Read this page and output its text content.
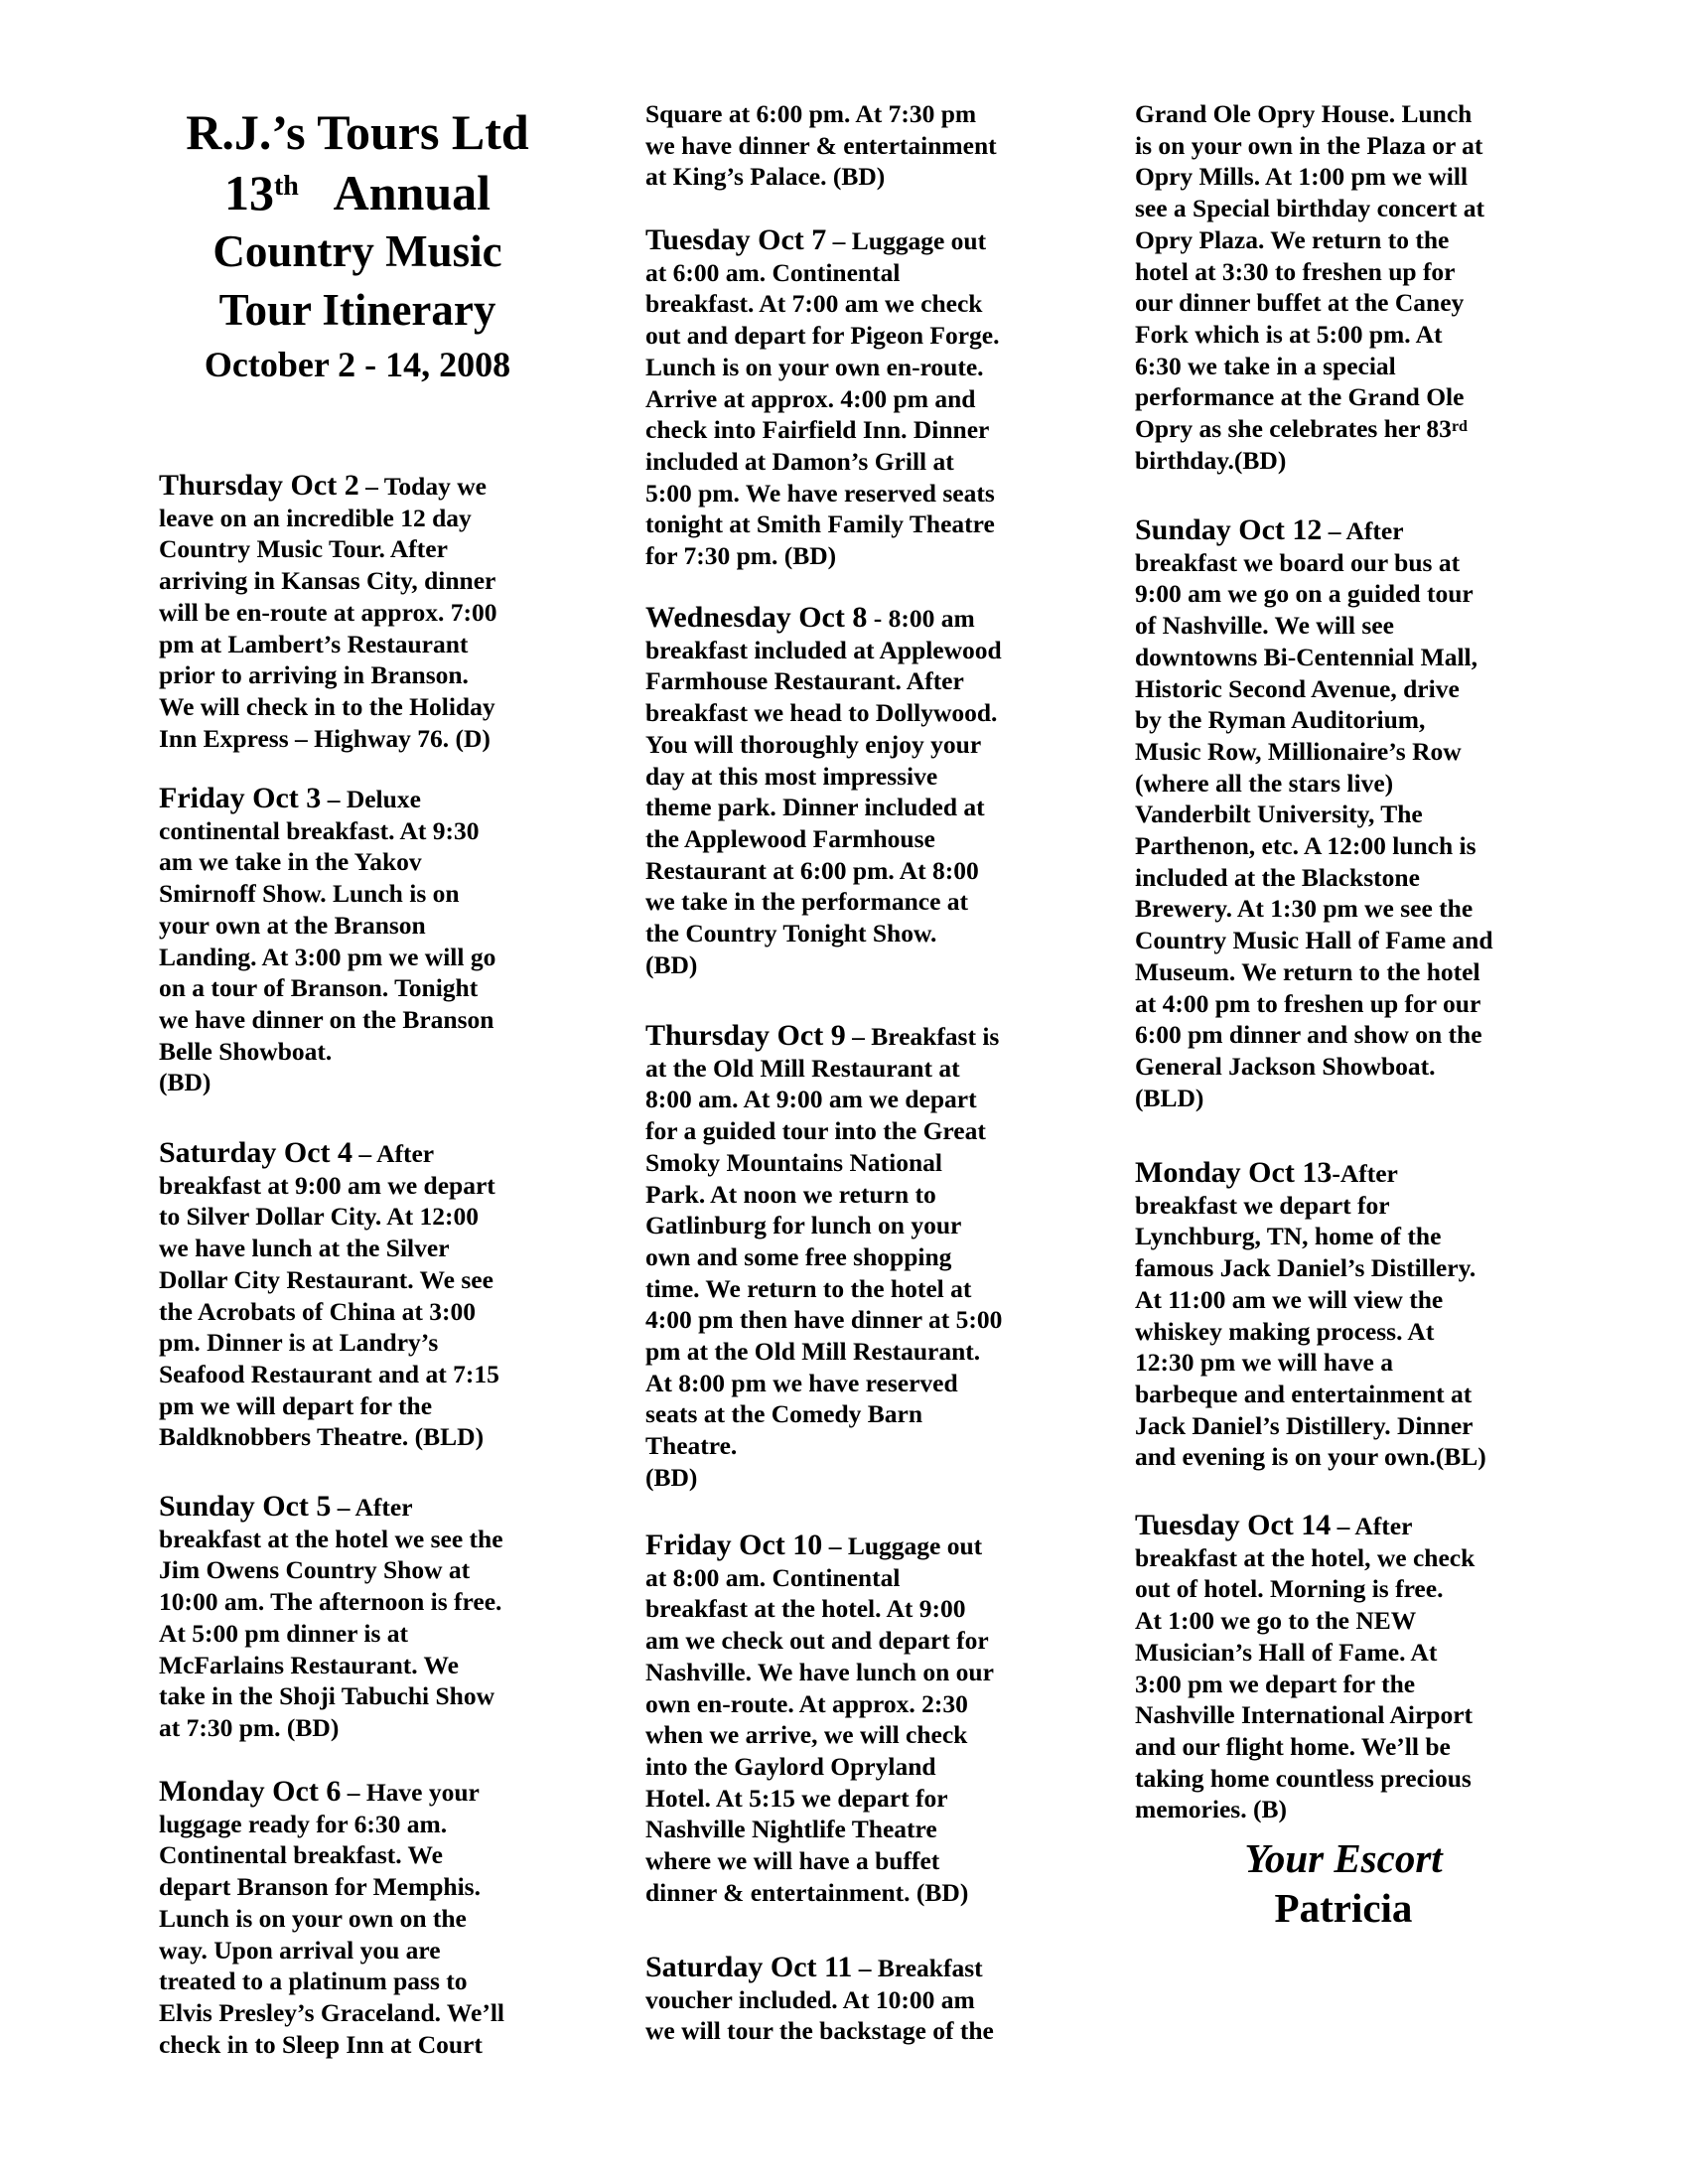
R.J.’s Tours Ltd
13th Annual
Country Music
Tour Itinerary
October 2 - 14, 2008
Thursday Oct 2 – Today we
leave on an incredible 12 day
Country Music Tour. After
arriving in Kansas City, dinner
will be en-route at approx. 7:00
pm at Lambert’s Restaurant
prior to arriving in Branson.
We will check in to the Holiday
Inn Express – Highway 76. (D)
Friday Oct 3 – Deluxe
continental breakfast. At 9:30
am we take in the Yakov
Smirnoff Show. Lunch is on
your own at the Branson
Landing. At 3:00 pm we will go
on a tour of Branson. Tonight
we have dinner on the Branson
Belle Showboat.
(BD)
Saturday Oct 4 – After
breakfast at 9:00 am we depart
to Silver Dollar City. At 12:00
we have lunch at the Silver
Dollar City Restaurant. We see
the Acrobats of China at 3:00
pm. Dinner is at Landry’s
Seafood Restaurant and at 7:15
pm we will depart for the
Baldknobbers Theatre. (BLD)
Sunday Oct 5 – After
breakfast at the hotel we see the
Jim Owens Country Show at
10:00 am. The afternoon is free.
At 5:00 pm dinner is at
McFarlains Restaurant. We
take in the Shoji Tabuchi Show
at 7:30 pm. (BD)
Monday Oct 6 – Have your
luggage ready for 6:30 am.
Continental breakfast. We
depart Branson for Memphis.
Lunch is on your own on the
way. Upon arrival you are
treated to a platinum pass to
Elvis Presley’s Graceland. We’ll
check in to Sleep Inn at Court
Square at 6:00 pm. At 7:30 pm
we have dinner & entertainment
at King’s Palace. (BD)
Tuesday Oct 7 – Luggage out
at 6:00 am. Continental
breakfast. At 7:00 am we check
out and depart for Pigeon Forge.
Lunch is on your own en-route.
Arrive at approx. 4:00 pm and
check into Fairfield Inn. Dinner
included at Damon’s Grill at
5:00 pm. We have reserved seats
tonight at Smith Family Theatre
for 7:30 pm. (BD)
Wednesday Oct 8 - 8:00 am
breakfast included at Applewood
Farmhouse Restaurant. After
breakfast we head to Dollywood.
You will thoroughly enjoy your
day at this most impressive
theme park. Dinner included at
the Applewood Farmhouse
Restaurant at 6:00 pm. At 8:00
we take in the performance at
the Country Tonight Show.
(BD)
Thursday Oct 9 – Breakfast is
at the Old Mill Restaurant at
8:00 am. At 9:00 am we depart
for a guided tour into the Great
Smoky Mountains National
Park. At noon we return to
Gatlinburg for lunch on your
own and some free shopping
time. We return to the hotel at
4:00 pm then have dinner at 5:00
pm at the Old Mill Restaurant.
At 8:00 pm we have reserved
seats at the Comedy Barn
Theatre.
(BD)
Friday Oct 10 – Luggage out
at 8:00 am. Continental
breakfast at the hotel. At 9:00
am we check out and depart for
Nashville. We have lunch on our
own en-route. At approx. 2:30
when we arrive, we will check
into the Gaylord Opryland
Hotel. At 5:15 we depart for
Nashville Nightlife Theatre
where we will have a buffet
dinner & entertainment. (BD)
Saturday Oct 11 – Breakfast
voucher included. At 10:00 am
we will tour the backstage of the
Your Escort
Patricia
Grand Ole Opry House. Lunch
is on your own in the Plaza or at
Opry Mills. At 1:00 pm we will
see a Special birthday concert at
Opry Plaza. We return to the
hotel at 3:30 to freshen up for
our dinner buffet at the Caney
Fork which is at 5:00 pm. At
6:30 we take in a special
performance at the Grand Ole
Opry as she celebrates her 83rd
birthday.(BD)
Sunday Oct 12 – After
breakfast we board our bus at
9:00 am we go on a guided tour
of Nashville. We will see
downtowns Bi-Centennial Mall,
Historic Second Avenue, drive
by the Ryman Auditorium,
Music Row, Millionaire’s Row
(where all the stars live)
Vanderbilt University, The
Parthenon, etc. A 12:00 lunch is
included at the Blackstone
Brewery. At 1:30 pm we see the
Country Music Hall of Fame and
Museum. We return to the hotel
at 4:00 pm to freshen up for our
6:00 pm dinner and show on the
General Jackson Showboat.
(BLD)
Monday Oct 13-After
breakfast we depart for
Lynchburg, TN, home of the
famous Jack Daniel’s Distillery.
At 11:00 am we will view the
whiskey making process. At
12:30 pm we will have a
barbeque and entertainment at
Jack Daniel’s Distillery. Dinner
and evening is on your own.(BL)
Tuesday Oct 14 – After
breakfast at the hotel, we check
out of hotel. Morning is free.
At 1:00 we go to the NEW
Musician’s Hall of Fame. At
3:00 pm we depart for the
Nashville International Airport
and our flight home. We’ll be
taking home countless precious
memories. (B)
